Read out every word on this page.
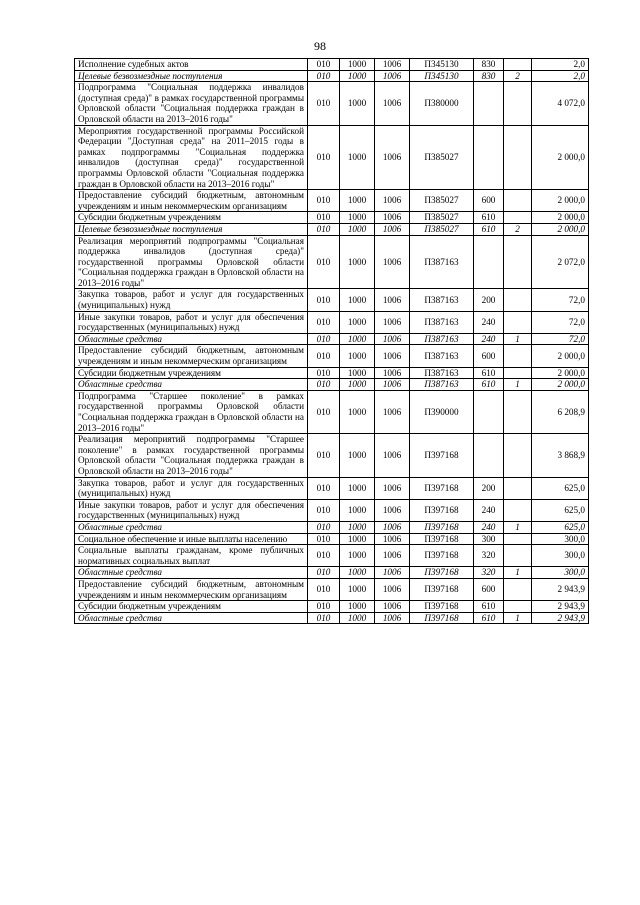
98
Исполнение судебных актов	010	1000	1006	П345130	830		2,0
Целевые безвозмездные поступления	010	1000	1006	П345130	830	2	2,0
Подпрограмма "Социальная поддержка инвалидов (доступная среда)" в рамках государственной программы Орловской области "Социальная поддержка граждан в Орловской области на 2013–2016 годы"	010	1000	1006	П380000			4 072,0
Мероприятия государственной программы Российской Федерации "Доступная среда" на 2011–2015 годы в рамках подпрограммы "Социальная поддержка инвалидов (доступная среда)" государственной программы Орловской области "Социальная поддержка граждан в Орловской области на 2013–2016 годы"	010	1000	1006	П385027			2 000,0
Предоставление субсидий бюджетным, автономным учреждениям и иным некоммерческим организациям	010	1000	1006	П385027	600		2 000,0
Субсидии бюджетным учреждениям	010	1000	1006	П385027	610		2 000,0
Целевые безвозмездные поступления	010	1000	1006	П385027	610	2	2 000,0
Реализация мероприятий подпрограммы "Социальная поддержка инвалидов (доступная среда)" государственной программы Орловской области "Социальная поддержка граждан в Орловской области на 2013–2016 годы"	010	1000	1006	П387163			2 072,0
Закупка товаров, работ и услуг для государственных (муниципальных) нужд	010	1000	1006	П387163	200		72,0
Иные закупки товаров, работ и услуг для обеспечения государственных (муниципальных) нужд	010	1000	1006	П387163	240		72,0
Областные средства	010	1000	1006	П387163	240	1	72,0
Предоставление субсидий бюджетным, автономным учреждениям и иным некоммерческим организациям	010	1000	1006	П387163	600		2 000,0
Субсидии бюджетным учреждениям	010	1000	1006	П387163	610		2 000,0
Областные средства	010	1000	1006	П387163	610	1	2 000,0
Подпрограмма "Старшее поколение" в рамках государственной программы Орловской области "Социальная поддержка граждан в Орловской области на 2013–2016 годы"	010	1000	1006	П390000			6 208,9
Реализация мероприятий подпрограммы "Старшее поколение" в рамках государственной программы Орловской области "Социальная поддержка граждан в Орловской области на 2013–2016 годы"	010	1000	1006	П397168			3 868,9
Закупка товаров, работ и услуг для государственных (муниципальных) нужд	010	1000	1006	П397168	200		625,0
Иные закупки товаров, работ и услуг для обеспечения государственных (муниципальных) нужд	010	1000	1006	П397168	240		625,0
Областные средства	010	1000	1006	П397168	240	1	625,0
Социальное обеспечение и иные выплаты населению	010	1000	1006	П397168	300		300,0
Социальные выплаты гражданам, кроме публичных нормативных социальных выплат	010	1000	1006	П397168	320		300,0
Областные средства	010	1000	1006	П397168	320	1	300,0
Предоставление субсидий бюджетным, автономным учреждениям и иным некоммерческим организациям	010	1000	1006	П397168	600		2 943,9
Субсидии бюджетным учреждениям	010	1000	1006	П397168	610		2 943,9
Областные средства	010	1000	1006	П397168	610	1	2 943,9
